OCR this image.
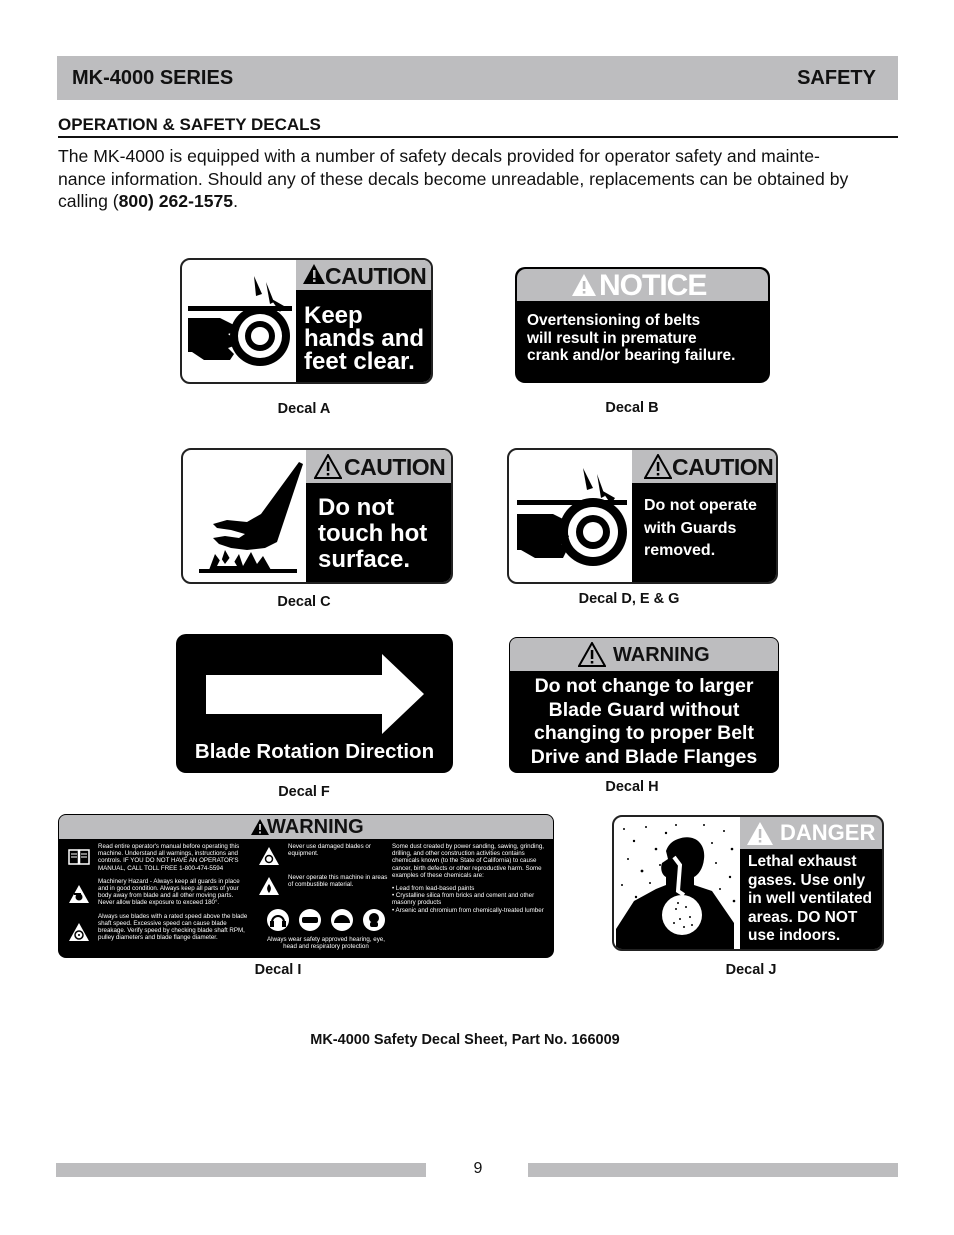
MK-4000 SERIES	SAFETY
OPERATION & SAFETY DECALS
The MK-4000 is equipped with a number of safety decals provided for operator safety and mainte-
nance information. Should any of these decals become unreadable, replacements can be obtained by
calling (800) 262-1575.
CAUTION
Keep
hands and
feet clear.
Decal A
NOTICE
Overtensioning of belts
will result in premature
crank and/or bearing failure.
Decal B
CAUTION
Do not
touch hot
surface.
Decal C
CAUTION
Do not operate
with Guards
removed.
Decal D, E & G
Blade Rotation Direction
Decal F
WARNING
Do not change to larger
Blade Guard without
changing to proper Belt
Drive and Blade Flanges
Decal H
WARNING
Read entire operator's manual before operating this machine. Understand all warnings, instructions and controls. IF YOU DO NOT HAVE AN OPERATOR'S MANUAL, CALL TOLL FREE 1-800-474-5594
Machinery Hazard - Always keep all guards in place and in good condition. Always keep all parts of your body away from blade and all other moving parts. Never allow blade exposure to exceed 180°.
Always use blades with a rated speed above the blade shaft speed. Excessive speed can cause blade breakage. Verify speed by checking blade shaft RPM, pulley diameters and blade flange diameter.
Never use damaged blades or equipment.
Never operate this machine in areas of combustible material.
Always wear safety approved hearing, eye, head and respiratory protection
Some dust created by power sanding, sawing, grinding, drilling, and other construction activities contains chemicals known (to the State of California) to cause cancer, birth defects or other reproductive harm. Some examples of these chemicals are:
• Lead from lead-based paints
• Crystalline silica from bricks and cement and other masonry products
• Arsenic and chromium from chemically-treated lumber
Decal I
DANGER
Lethal exhaust
gases. Use only
in well ventilated
areas. DO NOT
use indoors.
Decal J
MK-4000 Safety Decal Sheet, Part No. 166009
9
